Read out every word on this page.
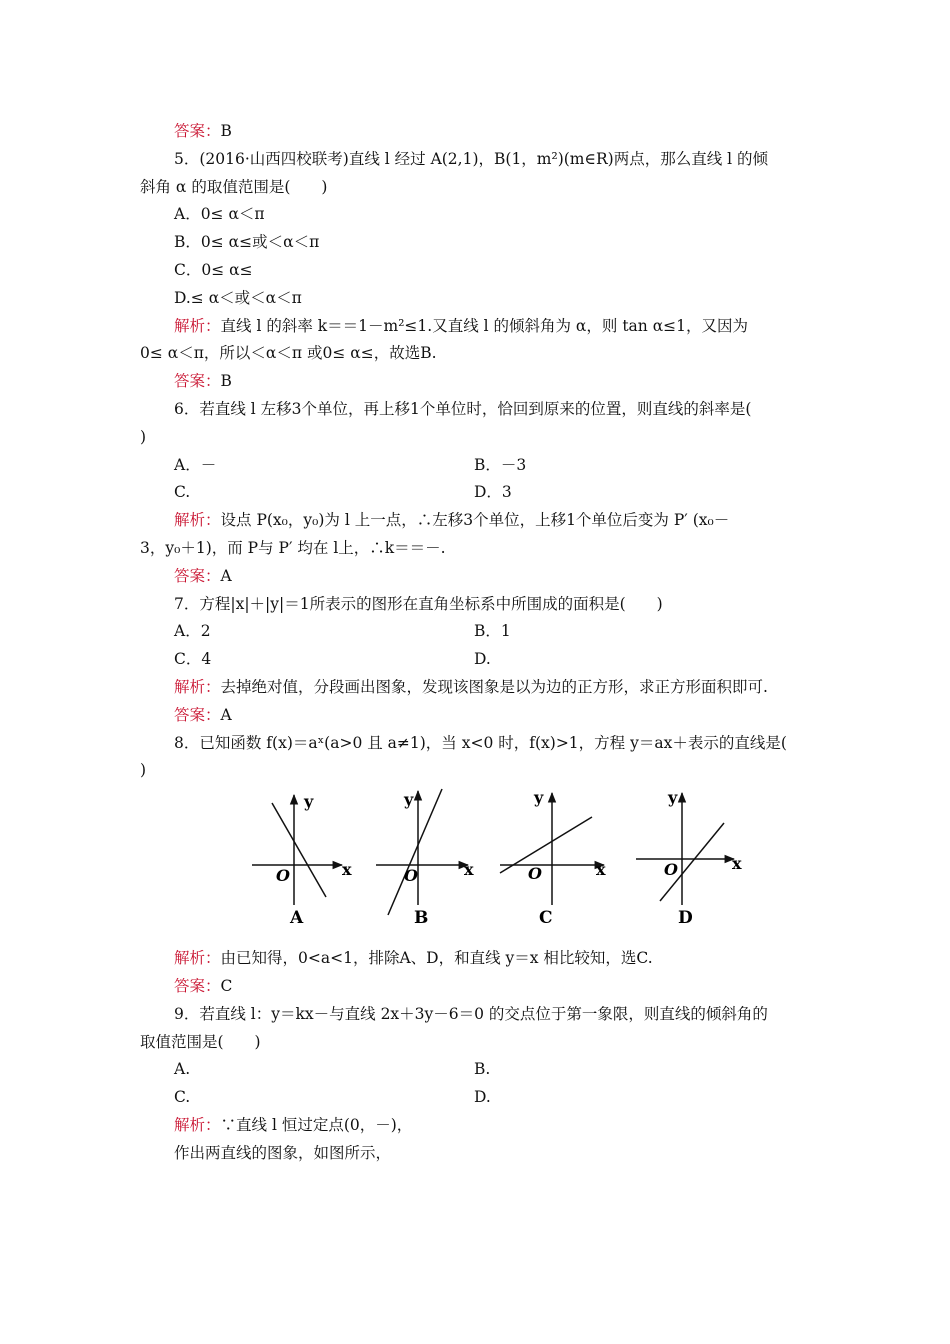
答案：B
5．(2016·山西四校联考)直线 l 经过 A(2,1)，B(1，m²)(m∈R)两点，那么直线 l 的倾
斜角 α 的取值范围是(　　)
A．0≤ α＜π
B．0≤ α≤或＜α＜π
C．0≤ α≤
D.≤ α＜或＜α＜π
解析：直线 l 的斜率 k＝＝1－m²≤1.又直线 l 的倾斜角为 α，则 tan α≤1，又因为
0≤ α＜π，所以＜α＜π 或0≤ α≤，故选B.
答案：B
6．若直线 l 左移3个单位，再上移1个单位时，恰回到原来的位置，则直线的斜率是(
)
A．－	B．－3
C.	D．3
解析：设点 P(x₀，y₀)为 l 上一点，∴左移3个单位，上移1个单位后变为 P′ (x₀－
3，y₀＋1)，而 P与 P′ 均在 l上，∴k＝＝－.
答案：A
7．方程|x|＋|y|＝1所表示的图形在直角坐标系中所围成的面积是(　　)
A．2	B．1
C．4	D.
解析：去掉绝对值，分段画出图象，发现该图象是以为边的正方形，求正方形面积即可.
答案：A
8．已知函数 f(x)＝aˣ(a>0 且 a≠1)，当 x<0 时，f(x)>1，方程 y＝ax＋表示的直线是(
)
y
x
O
A
y
x
O
B
y
x
O
C
y
x
O
D
解析：由已知得，0<a<1，排除A、D，和直线 y＝x 相比较知，选C.
答案：C
9．若直线 l：y＝kx－与直线 2x＋3y－6＝0 的交点位于第一象限，则直线的倾斜角的
取值范围是(　　)
A.	B.
C.	D.
解析：∵直线 l 恒过定点(0，－)，
作出两直线的图象，如图所示，
